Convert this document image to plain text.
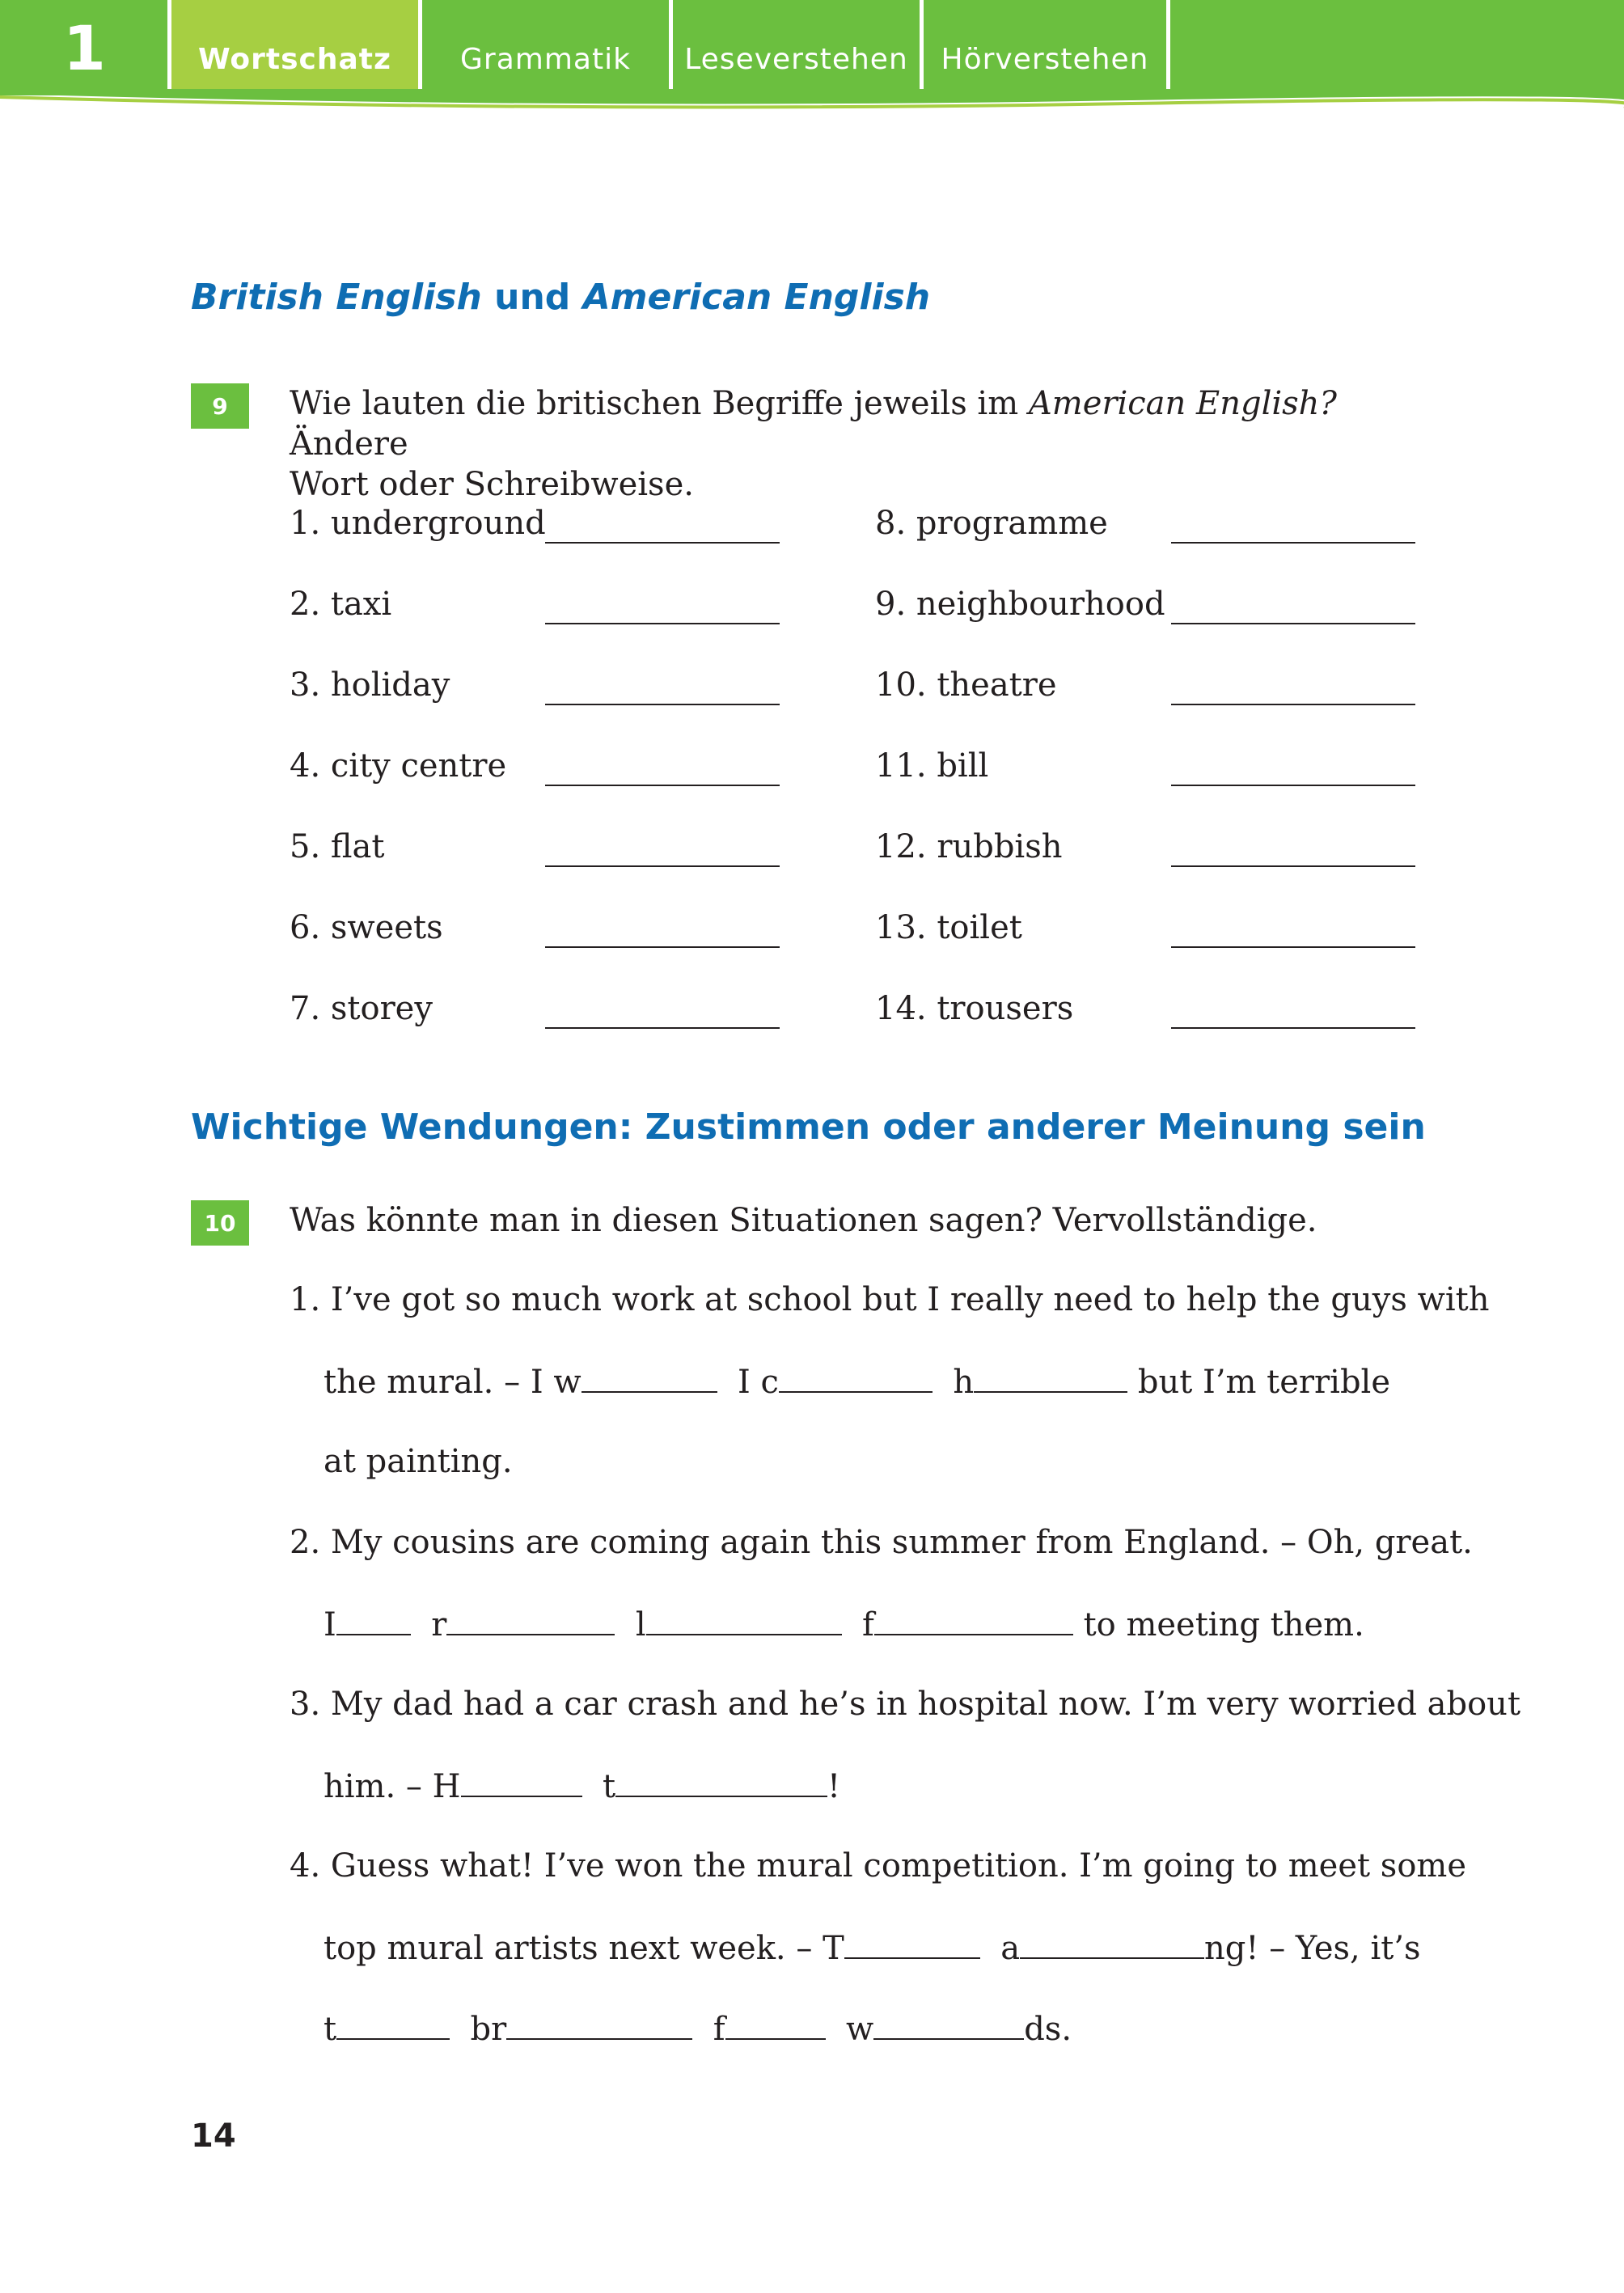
1	Wortschatz	Grammatik	Leseverstehen	Hörverstehen
British English und American English
9	Wie lauten die britischen Begriffe jeweils im American English? Ändere
Wort oder Schreibweise.
1. underground
2. taxi
3. holiday
4. city centre
5. flat
6. sweets
7. storey
8. programme
9. neighbourhood
10. theatre
11. bill
12. rubbish
13. toilet
14. trousers
Wichtige Wendungen: Zustimmen oder anderer Meinung sein
10	Was könnte man in diesen Situationen sagen? Vervollständige.
1. I’ve got so much work at school but I really need to help the guys with
the mural. – I w	I c	h	but I’m terrible
at painting.
2. My cousins are coming again this summer from England. – Oh, great.
I	r	l	f	to meeting them.
3. My dad had a car crash and he’s in hospital now. I’m very worried about
him. – H	t	!
4. Guess what! I’ve won the mural competition. I’m going to meet some
top mural artists next week. – T	a	ng! – Yes, it’s
t	br	f	w	ds.
14
